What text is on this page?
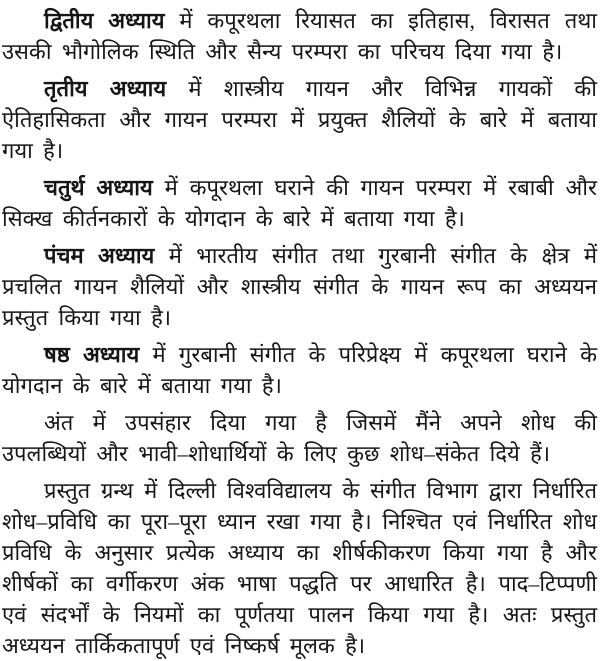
द्वितीय अध्याय में कपूरथला रियासत का इतिहास, विरासत तथा उसकी भौगोलिक स्थिति और सैन्य परम्परा का परिचय दिया गया है।

तृतीय अध्याय में शास्त्रीय गायन और विभिन्न गायकों की ऐतिहासिकता और गायन परम्परा में प्रयुक्त शैलियों के बारे में बताया गया है।

चतुर्थ अध्याय में कपूरथला घराने की गायन परम्परा में रबाबी और सिक्ख कीर्तनकारों के योगदान के बारे में बताया गया है।

पंचम अध्याय में भारतीय संगीत तथा गुरबानी संगीत के क्षेत्र में प्रचलित गायन शैलियों और शास्त्रीय संगीत के गायन रूप का अध्ययन प्रस्तुत किया गया है।

षष्ठ अध्याय में गुरबानी संगीत के परिप्रेक्ष्य में कपूरथला घराने के योगदान के बारे में बताया गया है।

अंत में उपसंहार दिया गया है जिसमें मैंने अपने शोध की उपलब्धियों और भावी–शोधार्थियों के लिए कुछ शोध–संकेत दिये हैं।

प्रस्तुत ग्रन्थ में दिल्ली विश्वविद्यालय के संगीत विभाग द्वारा निर्धारित शोध–प्रविधि का पूरा–पूरा ध्यान रखा गया है। निश्चित एवं निर्धारित शोध प्रविधि के अनुसार प्रत्येक अध्याय का शीर्षकीकरण किया गया है और शीर्षकों का वर्गीकरण अंक भाषा पद्धति पर आधारित है। पाद–टिप्पणी एवं संदर्भों के नियमों का पूर्णतया पालन किया गया है। अतः प्रस्तुत अध्ययन तार्किकतापूर्ण एवं निष्कर्ष मूलक है।
